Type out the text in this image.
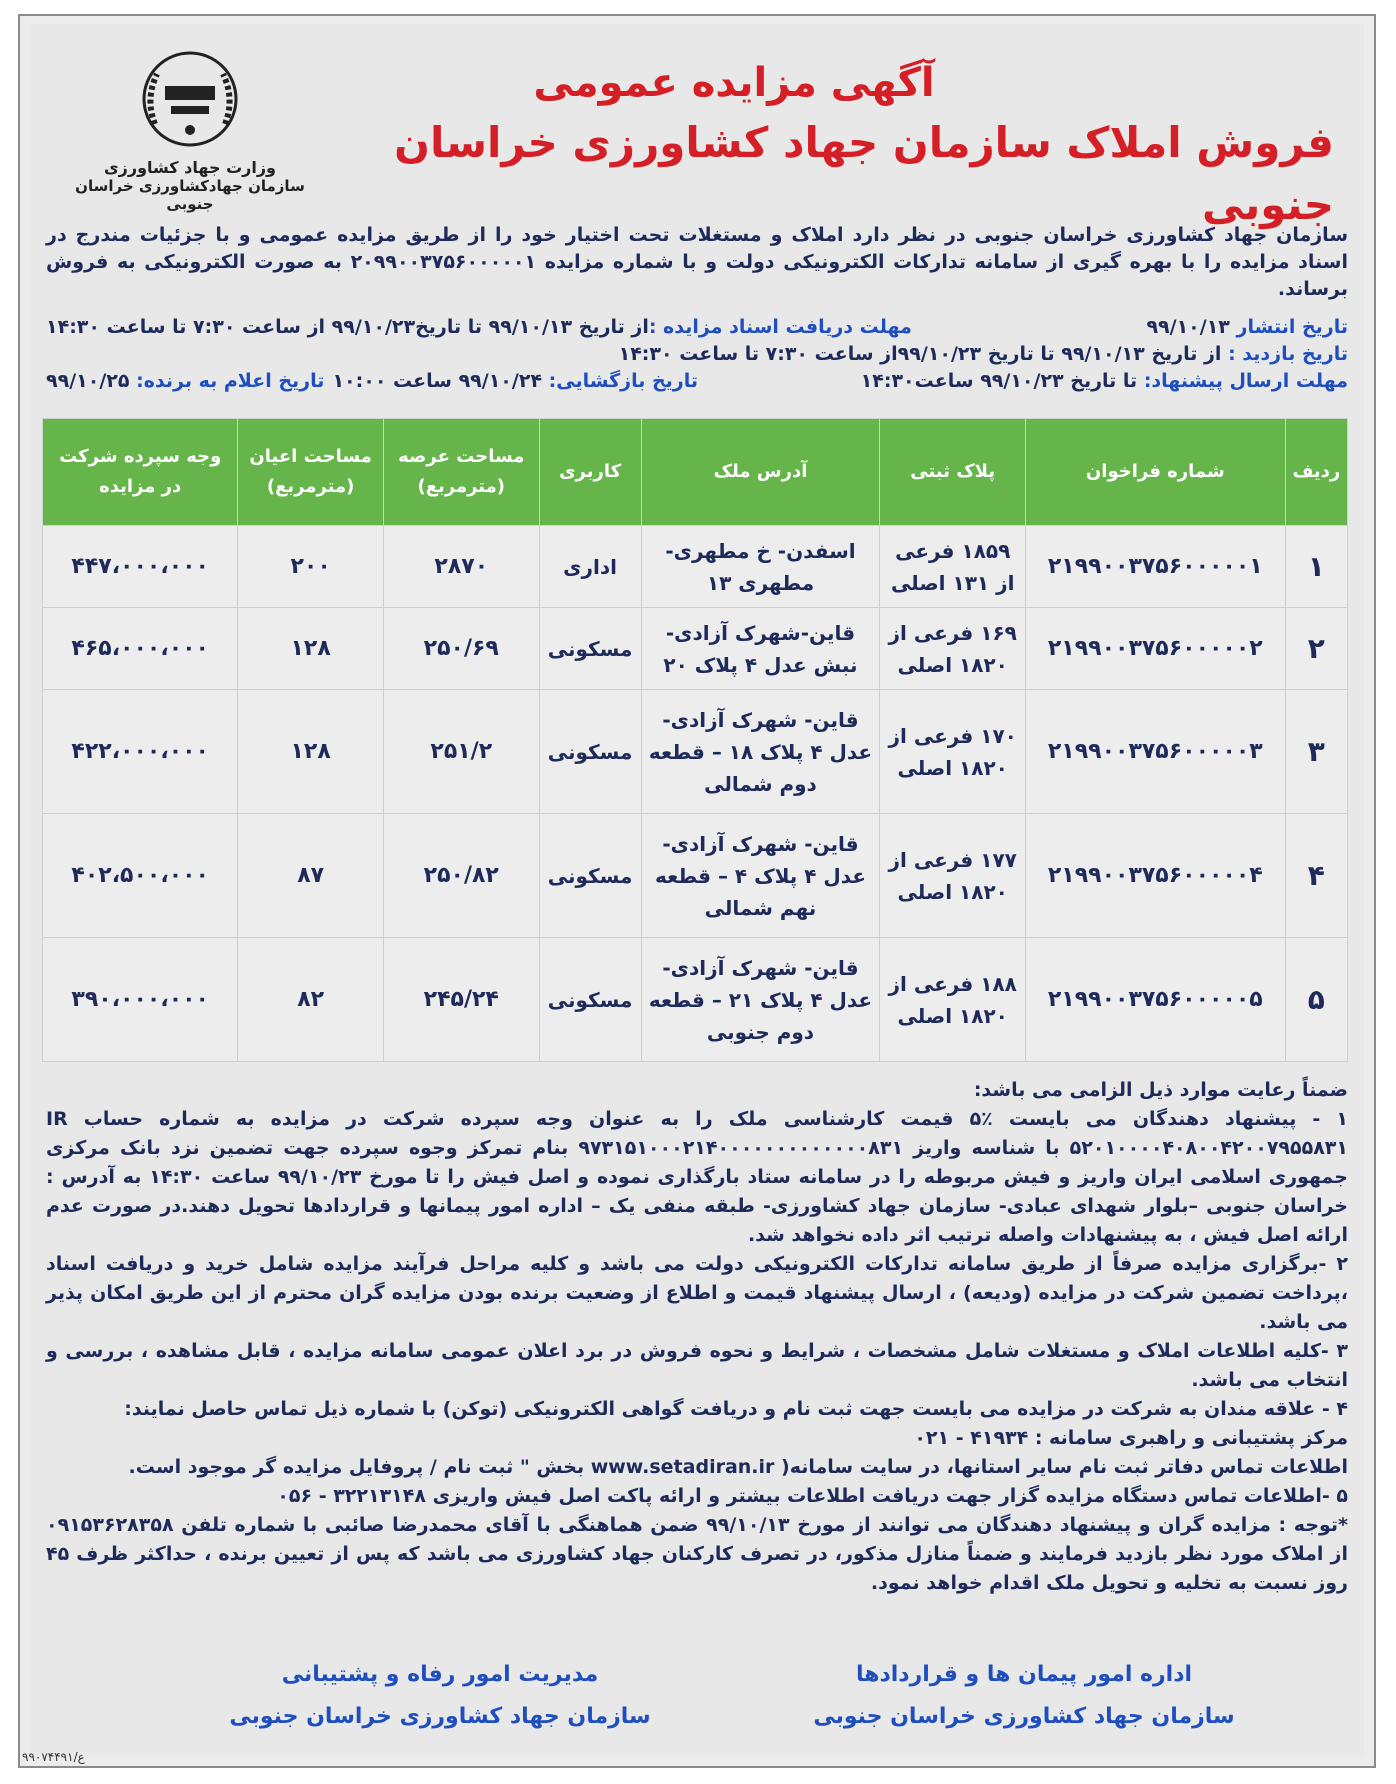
آگهی مزایده عمومی
فروش املاک سازمان جهاد کشاورزی خراسان جنوبی
وزارت جهاد کشاورزی
سازمان جهادکشاورزی خراسان جنوبی
سازمان جهاد کشاورزی خراسان جنوبی در نظر دارد املاک و مستغلات تحت اختیار خود را از طریق مزایده عمومی و با جزئیات مندرج در اسناد مزایده را با بهره گیری از سامانه تدارکات الکترونیکی دولت و با شماره مزایده ۲۰۹۹۰۰۳۷۵۶۰۰۰۰۰۱ به صورت الکترونیکی به فروش برساند.
تاریخ انتشار ۹۹/۱۰/۱۳
مهلت دریافت اسناد مزایده :از تاریخ ۹۹/۱۰/۱۳ تا تاریخ۹۹/۱۰/۲۳ از ساعت ۷:۳۰ تا ساعت ۱۴:۳۰
تاریخ بازدید : از تاریخ ۹۹/۱۰/۱۳ تا تاریخ ۹۹/۱۰/۲۳از ساعت ۷:۳۰ تا ساعت ۱۴:۳۰
مهلت ارسال پیشنهاد: تا تاریخ ۹۹/۱۰/۲۳ ساعت۱۴:۳۰
تاریخ بازگشایی: ۹۹/۱۰/۲۴ ساعت ۱۰:۰۰
تاریخ اعلام به برنده: ۹۹/۱۰/۲۵
ردیف	شماره فراخوان	پلاک ثبتی	آدرس ملک	کاربری	مساحت عرصه (مترمربع)	مساحت اعیان (مترمربع)	وجه سپرده شرکت در مزایده
۱	۲۱۹۹۰۰۳۷۵۶۰۰۰۰۰۱	۱۸۵۹ فرعی از ۱۳۱ اصلی	اسفدن- خ مطهری- مطهری ۱۳	اداری	۲۸۷۰	۲۰۰	۴۴۷،۰۰۰،۰۰۰
۲	۲۱۹۹۰۰۳۷۵۶۰۰۰۰۰۲	۱۶۹ فرعی از ۱۸۲۰ اصلی	قاین-شهرک آزادی- نبش عدل ۴ پلاک ۲۰	مسکونی	۲۵۰/۶۹	۱۲۸	۴۶۵،۰۰۰،۰۰۰
۳	۲۱۹۹۰۰۳۷۵۶۰۰۰۰۰۳	۱۷۰ فرعی از ۱۸۲۰ اصلی	قاین- شهرک آزادی- عدل ۴ پلاک ۱۸ – قطعه دوم شمالی	مسکونی	۲۵۱/۲	۱۲۸	۴۲۲،۰۰۰،۰۰۰
۴	۲۱۹۹۰۰۳۷۵۶۰۰۰۰۰۴	۱۷۷ فرعی از ۱۸۲۰ اصلی	قاین- شهرک آزادی- عدل ۴ پلاک ۴ – قطعه نهم شمالی	مسکونی	۲۵۰/۸۲	۸۷	۴۰۲،۵۰۰،۰۰۰
۵	۲۱۹۹۰۰۳۷۵۶۰۰۰۰۰۵	۱۸۸ فرعی از ۱۸۲۰ اصلی	قاین- شهرک آزادی- عدل ۴ پلاک ۲۱ – قطعه دوم جنوبی	مسکونی	۲۴۵/۲۴	۸۲	۳۹۰،۰۰۰،۰۰۰

ضمناً رعایت موارد ذیل الزامی می باشد:

۱ - پیشنهاد دهندگان می بایست ٪۵ قیمت کارشناسی ملک را به عنوان وجه سپرده شرکت در مزایده به شماره حساب IR ۵۲۰۱۰۰۰۰۴۰۸۰۰۴۲۰۰۷۹۵۵۸۳۱ با شناسه واریز ۹۷۳۱۵۱۰۰۰۲۱۴۰۰۰۰۰۰۰۰۰۰۰۰۰۸۳۱ بنام تمرکز وجوه سپرده جهت تضمین نزد بانک مرکزی جمهوری اسلامی ایران واریز و فیش مربوطه را در سامانه ستاد بارگذاری نموده و اصل فیش را تا مورخ ۹۹/۱۰/۲۳ ساعت ۱۴:۳۰ به آدرس : خراسان جنوبی –بلوار شهدای عبادی- سازمان جهاد کشاورزی- طبقه منفی یک – اداره امور پیمانها و قراردادها تحویل دهند.در صورت عدم ارائه اصل فیش ، به پیشنهادات واصله ترتیب اثر داده نخواهد شد.

۲ -برگزاری مزایده صرفاً از طریق سامانه تدارکات الکترونیکی دولت می باشد و کلیه مراحل فرآیند مزایده شامل خرید و دریافت اسناد ،پرداخت تضمین شرکت در مزایده (ودیعه) ، ارسال پیشنهاد قیمت و اطلاع از وضعیت برنده بودن مزایده گران محترم از این طریق امکان پذیر می باشد.

۳ -کلیه اطلاعات املاک و مستغلات شامل مشخصات ، شرایط و نحوه فروش در برد اعلان عمومی سامانه مزایده ، قابل مشاهده ، بررسی و انتخاب می باشد.

۴ - علاقه مندان به شرکت در مزایده می بایست جهت ثبت نام و دریافت گواهی الکترونیکی (توکن) با شماره ذیل تماس حاصل نمایند:

مرکز پشتیبانی و راهبری سامانه : ۴۱۹۳۴ - ۰۲۱

اطلاعات تماس دفاتر ثبت نام سایر استانها، در سایت سامانه( www.setadiran.ir بخش " ثبت نام / پروفایل مزایده گر موجود است.

۵ -اطلاعات تماس دستگاه مزایده گزار جهت دریافت اطلاعات بیشتر و ارائه پاکت اصل فیش واریزی ۳۲۲۱۳۱۴۸ - ۰۵۶

*توجه : مزایده گران و پیشنهاد دهندگان می توانند از مورخ ۹۹/۱۰/۱۳ ضمن هماهنگی با آقای محمدرضا صائبی با شماره تلفن ۰۹۱۵۳۶۲۸۳۵۸ از املاک مورد نظر بازدید فرمایند و ضمناً منازل مذکور، در تصرف کارکنان جهاد کشاورزی می باشد که پس از تعیین برنده ، حداکثر ظرف ۴۵ روز نسبت به تخلیه و تحویل ملک اقدام خواهد نمود.

اداره امور پیمان ها و قراردادها
سازمان جهاد کشاورزی خراسان جنوبی
مدیریت امور رفاه و پشتیبانی
سازمان جهاد کشاورزی خراسان جنوبی
ع/۹۹۰۷۴۴۹۱
